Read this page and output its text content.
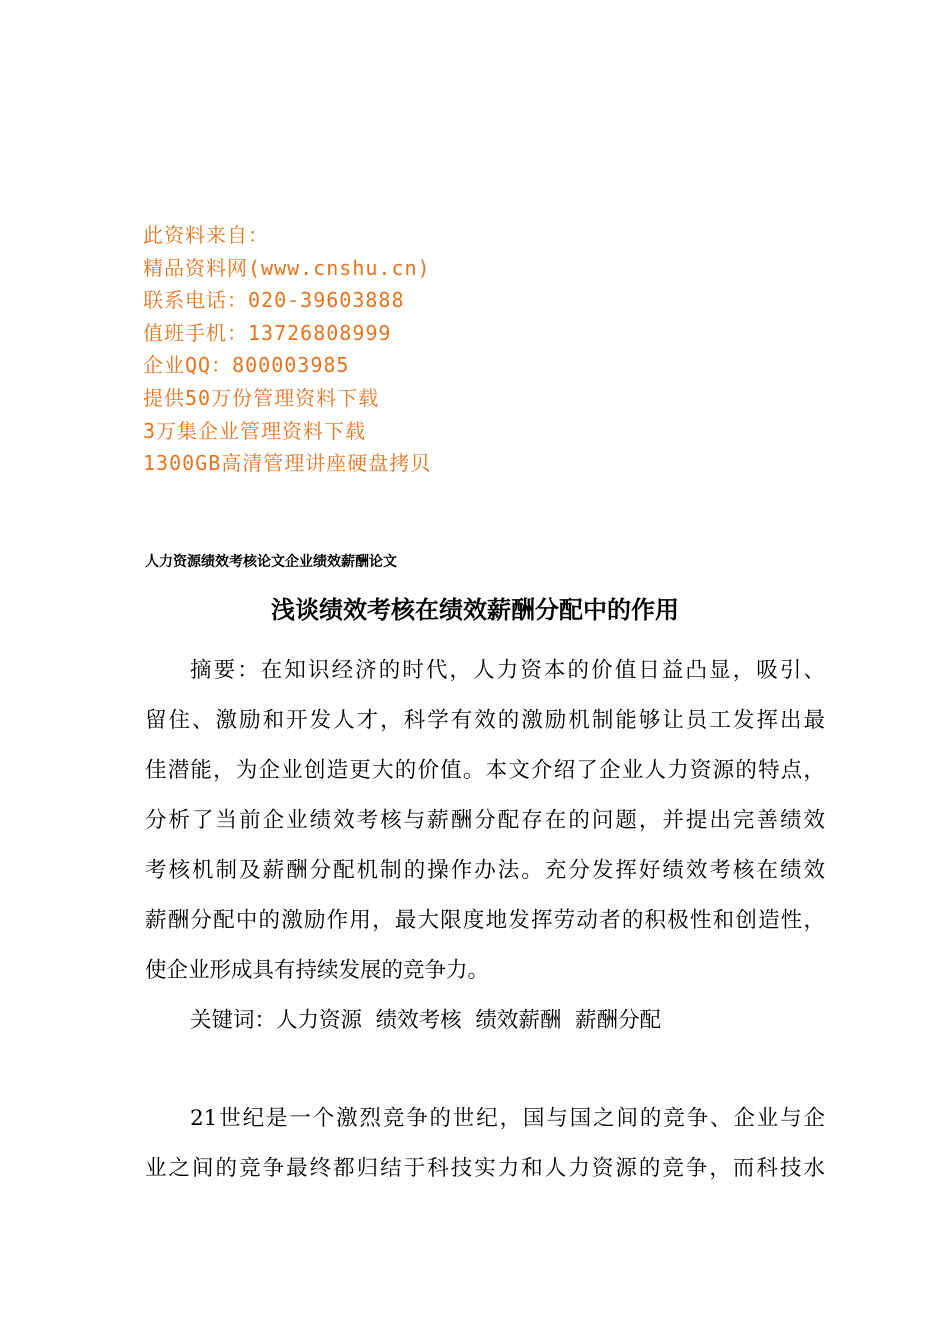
此资料来自：
精品资料网(www.cnshu.cn)
联系电话：020-39603888
值班手机：13726808999
企业QQ：800003985
提供50万份管理资料下载
3万集企业管理资料下载
1300GB高清管理讲座硬盘拷贝
人力资源绩效考核论文企业绩效薪酬论文
浅谈绩效考核在绩效薪酬分配中的作用
摘要：在知识经济的时代，人力资本的价值日益凸显，吸引、
留住、激励和开发人才，科学有效的激励机制能够让员工发挥出最
佳潜能，为企业创造更大的价值。本文介绍了企业人力资源的特点，
分析了当前企业绩效考核与薪酬分配存在的问题，并提出完善绩效
考核机制及薪酬分配机制的操作办法。充分发挥好绩效考核在绩效
薪酬分配中的激励作用，最大限度地发挥劳动者的积极性和创造性，
使企业形成具有持续发展的竞争力。
关键词：人力资源  绩效考核  绩效薪酬  薪酬分配
21世纪是一个激烈竞争的世纪，国与国之间的竞争、企业与企
业之间的竞争最终都归结于科技实力和人力资源的竞争，而科技水
